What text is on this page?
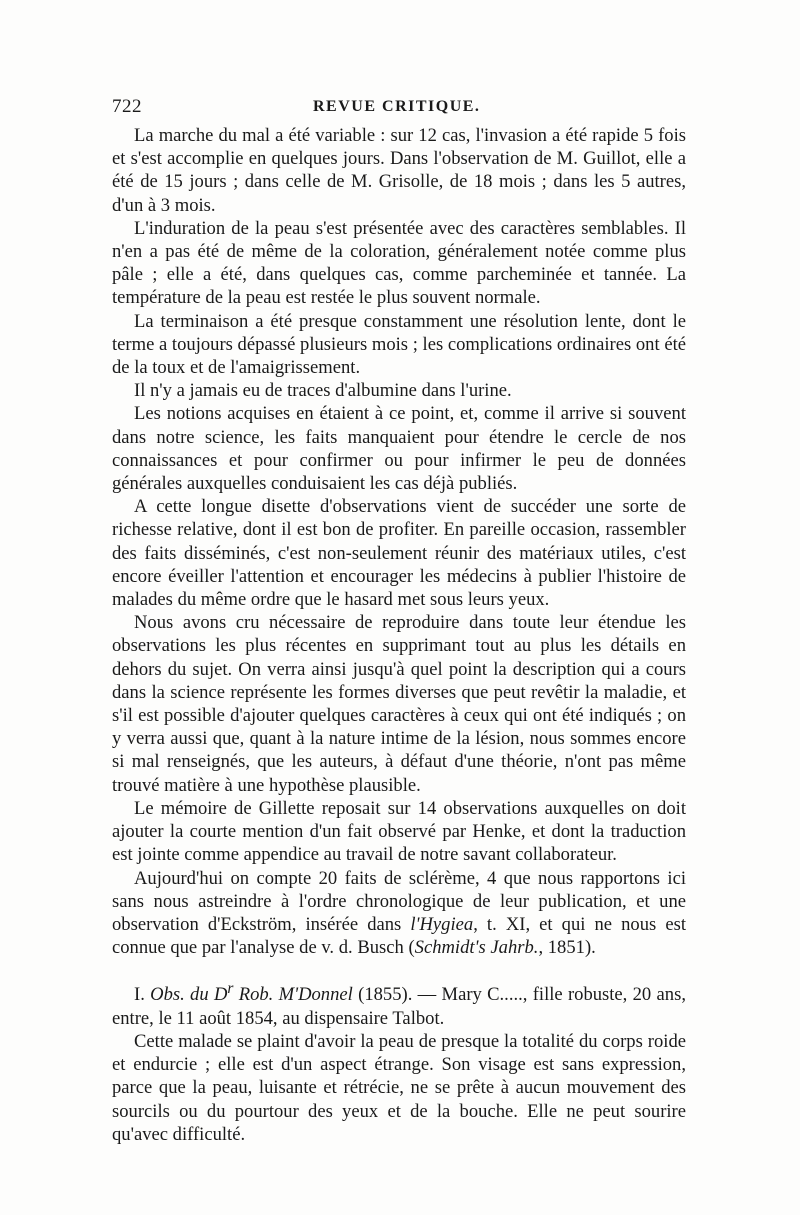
722	REVUE CRITIQUE.

La marche du mal a été variable : sur 12 cas, l'invasion a été rapide 5 fois et s'est accomplie en quelques jours. Dans l'observation de M. Guillot, elle a été de 15 jours ; dans celle de M. Grisolle, de 18 mois ; dans les 5 autres, d'un à 3 mois.

L'induration de la peau s'est présentée avec des caractères semblables. Il n'en a pas été de même de la coloration, généralement notée comme plus pâle ; elle a été, dans quelques cas, comme parcheminée et tannée. La température de la peau est restée le plus souvent normale.

La terminaison a été presque constamment une résolution lente, dont le terme a toujours dépassé plusieurs mois ; les complications ordinaires ont été de la toux et de l'amaigrissement.

Il n'y a jamais eu de traces d'albumine dans l'urine.

Les notions acquises en étaient à ce point, et, comme il arrive si souvent dans notre science, les faits manquaient pour étendre le cercle de nos connaissances et pour confirmer ou pour infirmer le peu de données générales auxquelles conduisaient les cas déjà publiés.

A cette longue disette d'observations vient de succéder une sorte de richesse relative, dont il est bon de profiter. En pareille occasion, rassembler des faits disséminés, c'est non-seulement réunir des matériaux utiles, c'est encore éveiller l'attention et encourager les médecins à publier l'histoire de malades du même ordre que le hasard met sous leurs yeux.

Nous avons cru nécessaire de reproduire dans toute leur étendue les observations les plus récentes en supprimant tout au plus les détails en dehors du sujet. On verra ainsi jusqu'à quel point la description qui a cours dans la science représente les formes diverses que peut revêtir la maladie, et s'il est possible d'ajouter quelques caractères à ceux qui ont été indiqués ; on y verra aussi que, quant à la nature intime de la lésion, nous sommes encore si mal renseignés, que les auteurs, à défaut d'une théorie, n'ont pas même trouvé matière à une hypothèse plausible.

Le mémoire de Gillette reposait sur 14 observations auxquelles on doit ajouter la courte mention d'un fait observé par Henke, et dont la traduction est jointe comme appendice au travail de notre savant collaborateur.

Aujourd'hui on compte 20 faits de sclérème, 4 que nous rapportons ici sans nous astreindre à l'ordre chronologique de leur publication, et une observation d'Eckström, insérée dans l'Hygiea, t. XI, et qui ne nous est connue que par l'analyse de v. d. Busch (Schmidt's Jahrb., 1851).

I. Obs. du $D^r$ Rob. M'Donnel (1855). — Mary C....., fille robuste, 20 ans, entre, le 11 août 1854, au dispensaire Talbot.

Cette malade se plaint d'avoir la peau de presque la totalité du corps roide et endurcie ; elle est d'un aspect étrange. Son visage est sans expression, parce que la peau, luisante et rétrécie, ne se prête à aucun mouvement des sourcils ou du pourtour des yeux et de la bouche. Elle ne peut sourire qu'avec difficulté.
